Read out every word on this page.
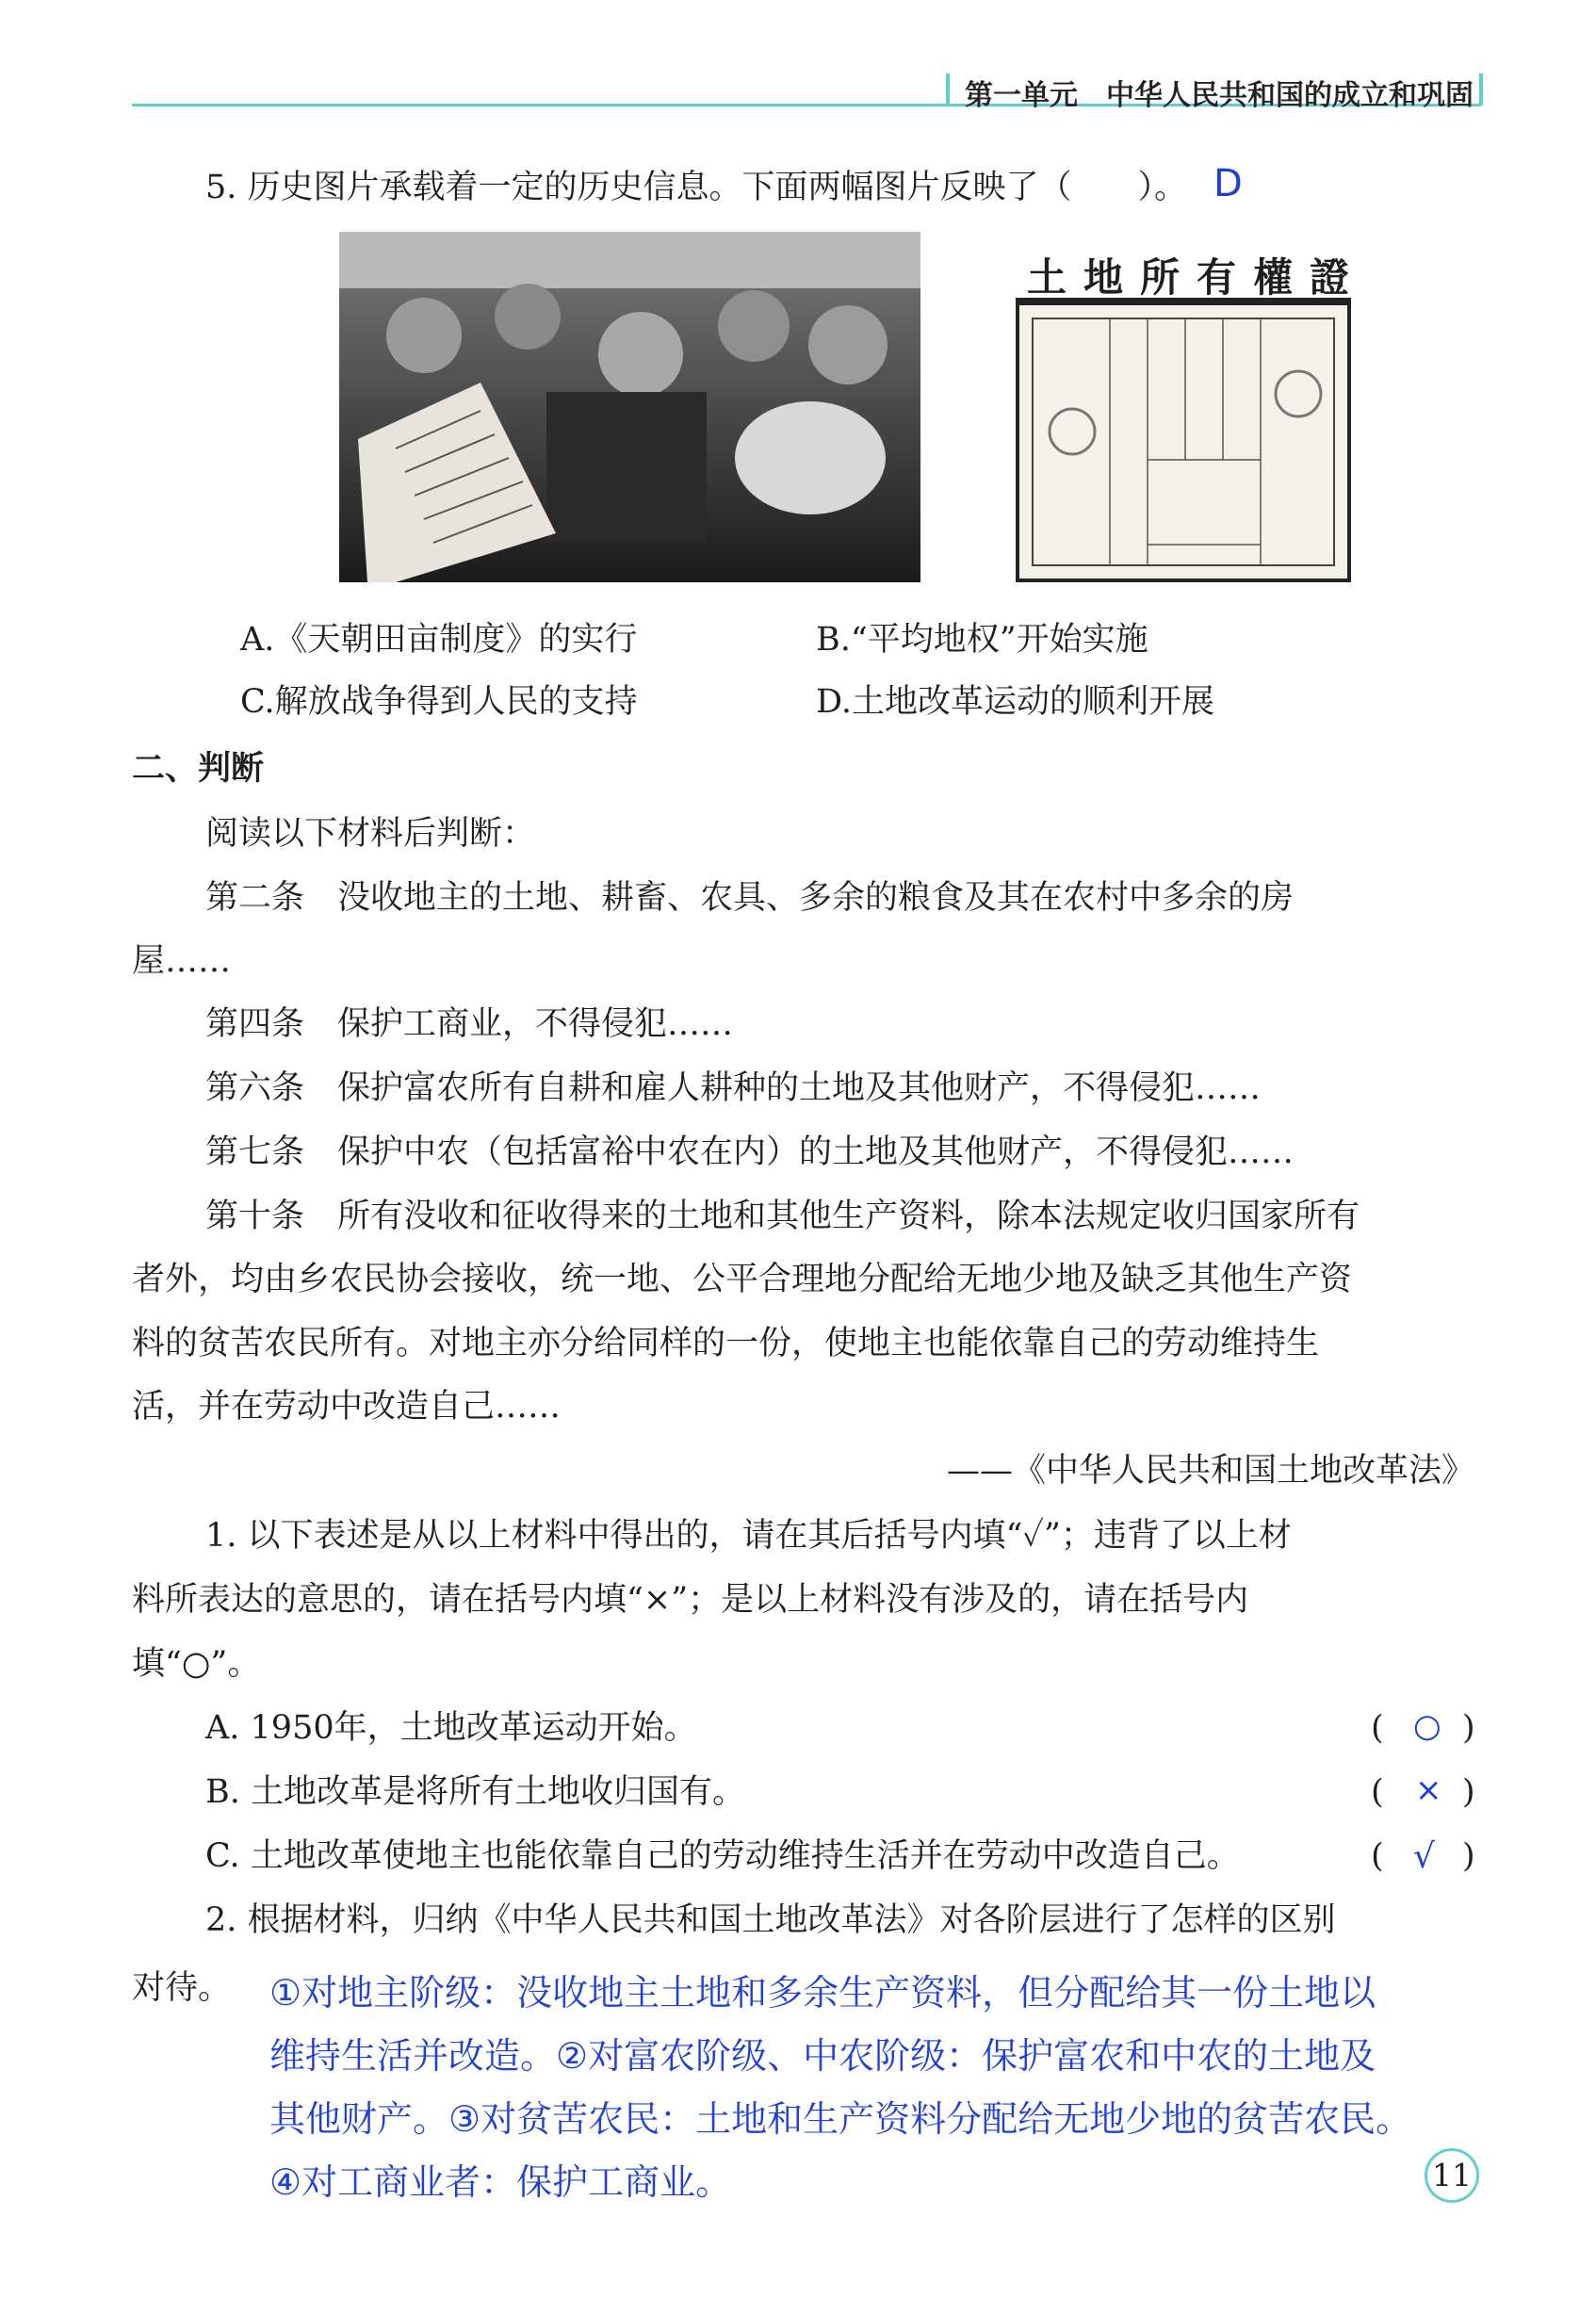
第一单元　中华人民共和国的成立和巩固
5. 历史图片承载着一定的历史信息。下面两幅图片反映了（　　）。 D
土地所有權證
A.《天朝田亩制度》的实行	B.“平均地权”开始实施
C.解放战争得到人民的支持	D.土地改革运动的顺利开展
二、判断
阅读以下材料后判断：
第二条　没收地主的土地、耕畜、农具、多余的粮食及其在农村中多余的房
屋……
第四条　保护工商业，不得侵犯……
第六条　保护富农所有自耕和雇人耕种的土地及其他财产，不得侵犯……
第七条　保护中农（包括富裕中农在内）的土地及其他财产，不得侵犯……
第十条　所有没收和征收得来的土地和其他生产资料，除本法规定收归国家所有
者外，均由乡农民协会接收，统一地、公平合理地分配给无地少地及缺乏其他生产资
料的贫苦农民所有。对地主亦分给同样的一份，使地主也能依靠自己的劳动维持生
活，并在劳动中改造自己……
——《中华人民共和国土地改革法》
1. 以下表述是从以上材料中得出的，请在其后括号内填“✓”；违背了以上材
料所表达的意思的，请在括号内填“×”；是以上材料没有涉及的，请在括号内
填“○”。
A. 1950年，土地改革运动开始。	( ○ )
B. 土地改革是将所有土地收归国有。	( × )
C. 土地改革使地主也能依靠自己的劳动维持生活并在劳动中改造自己。	( √ )
2. 根据材料，归纳《中华人民共和国土地改革法》对各阶层进行了怎样的区别
对待。 ①对地主阶级：没收地主土地和多余生产资料，但分配给其一份土地以
维持生活并改造。②对富农阶级、中农阶级：保护富农和中农的土地及
其他财产。③对贫苦农民：土地和生产资料分配给无地少地的贫苦农民。
④对工商业者：保护工商业。	11
